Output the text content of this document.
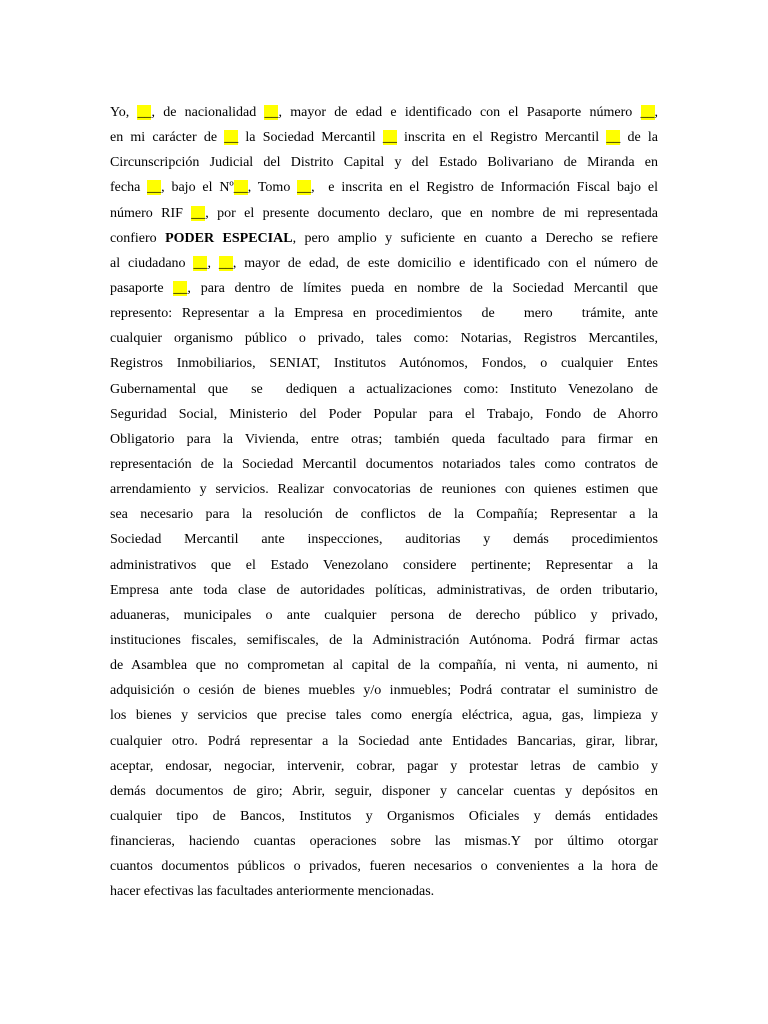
Yo, __, de nacionalidad __, mayor de edad e identificado con el Pasaporte número __,
en mi carácter de __ la Sociedad Mercantil __ inscrita en el Registro Mercantil __ de la
Circunscripción Judicial del Distrito Capital y del Estado Bolivariano de Miranda en
fecha __, bajo el Nº__, Tomo __,  e inscrita en el Registro de Información Fiscal bajo el
número RIF __, por el presente documento declaro, que en nombre de mi representada
confiero PODER ESPECIAL, pero amplio y suficiente en cuanto a Derecho se refiere
al ciudadano __, __, mayor de edad, de este domicilio e identificado con el número de
pasaporte __, para dentro de límites pueda en nombre de la Sociedad Mercantil que
represento: Representar a la Empresa en procedimientos  de   mero   trámite, ante
cualquier organismo público o privado, tales como: Notarias, Registros Mercantiles,
Registros Inmobiliarios, SENIAT, Institutos Autónomos, Fondos, o cualquier Entes
Gubernamental que  se  dediquen a actualizaciones como: Instituto Venezolano de
Seguridad Social, Ministerio del Poder Popular para el Trabajo, Fondo de Ahorro
Obligatorio para la Vivienda, entre otras; también queda facultado para firmar en
representación de la Sociedad Mercantil documentos notariados tales como contratos de
arrendamiento y servicios. Realizar convocatorias de reuniones con quienes estimen que
sea necesario para la resolución de conflictos de la Compañía; Representar a la
Sociedad Mercantil ante inspecciones, auditorias y demás procedimientos
administrativos que el Estado Venezolano considere pertinente; Representar a la
Empresa ante toda clase de autoridades políticas, administrativas, de orden tributario,
aduaneras, municipales o ante cualquier persona de derecho público y privado,
instituciones fiscales, semifiscales, de la Administración Autónoma. Podrá firmar actas
de Asamblea que no comprometan al capital de la compañía, ni venta, ni aumento, ni
adquisición o cesión de bienes muebles y/o inmuebles; Podrá contratar el suministro de
los bienes y servicios que precise tales como energía eléctrica, agua, gas, limpieza y
cualquier otro. Podrá representar a la Sociedad ante Entidades Bancarias, girar, librar,
aceptar, endosar, negociar, intervenir, cobrar, pagar y protestar letras de cambio y
demás documentos de giro; Abrir, seguir, disponer y cancelar cuentas y depósitos en
cualquier tipo de Bancos, Institutos y Organismos Oficiales y demás entidades
financieras, haciendo cuantas operaciones sobre las mismas.Y por último otorgar
cuantos documentos públicos o privados, fueren necesarios o convenientes a la hora de
hacer efectivas las facultades anteriormente mencionadas.
